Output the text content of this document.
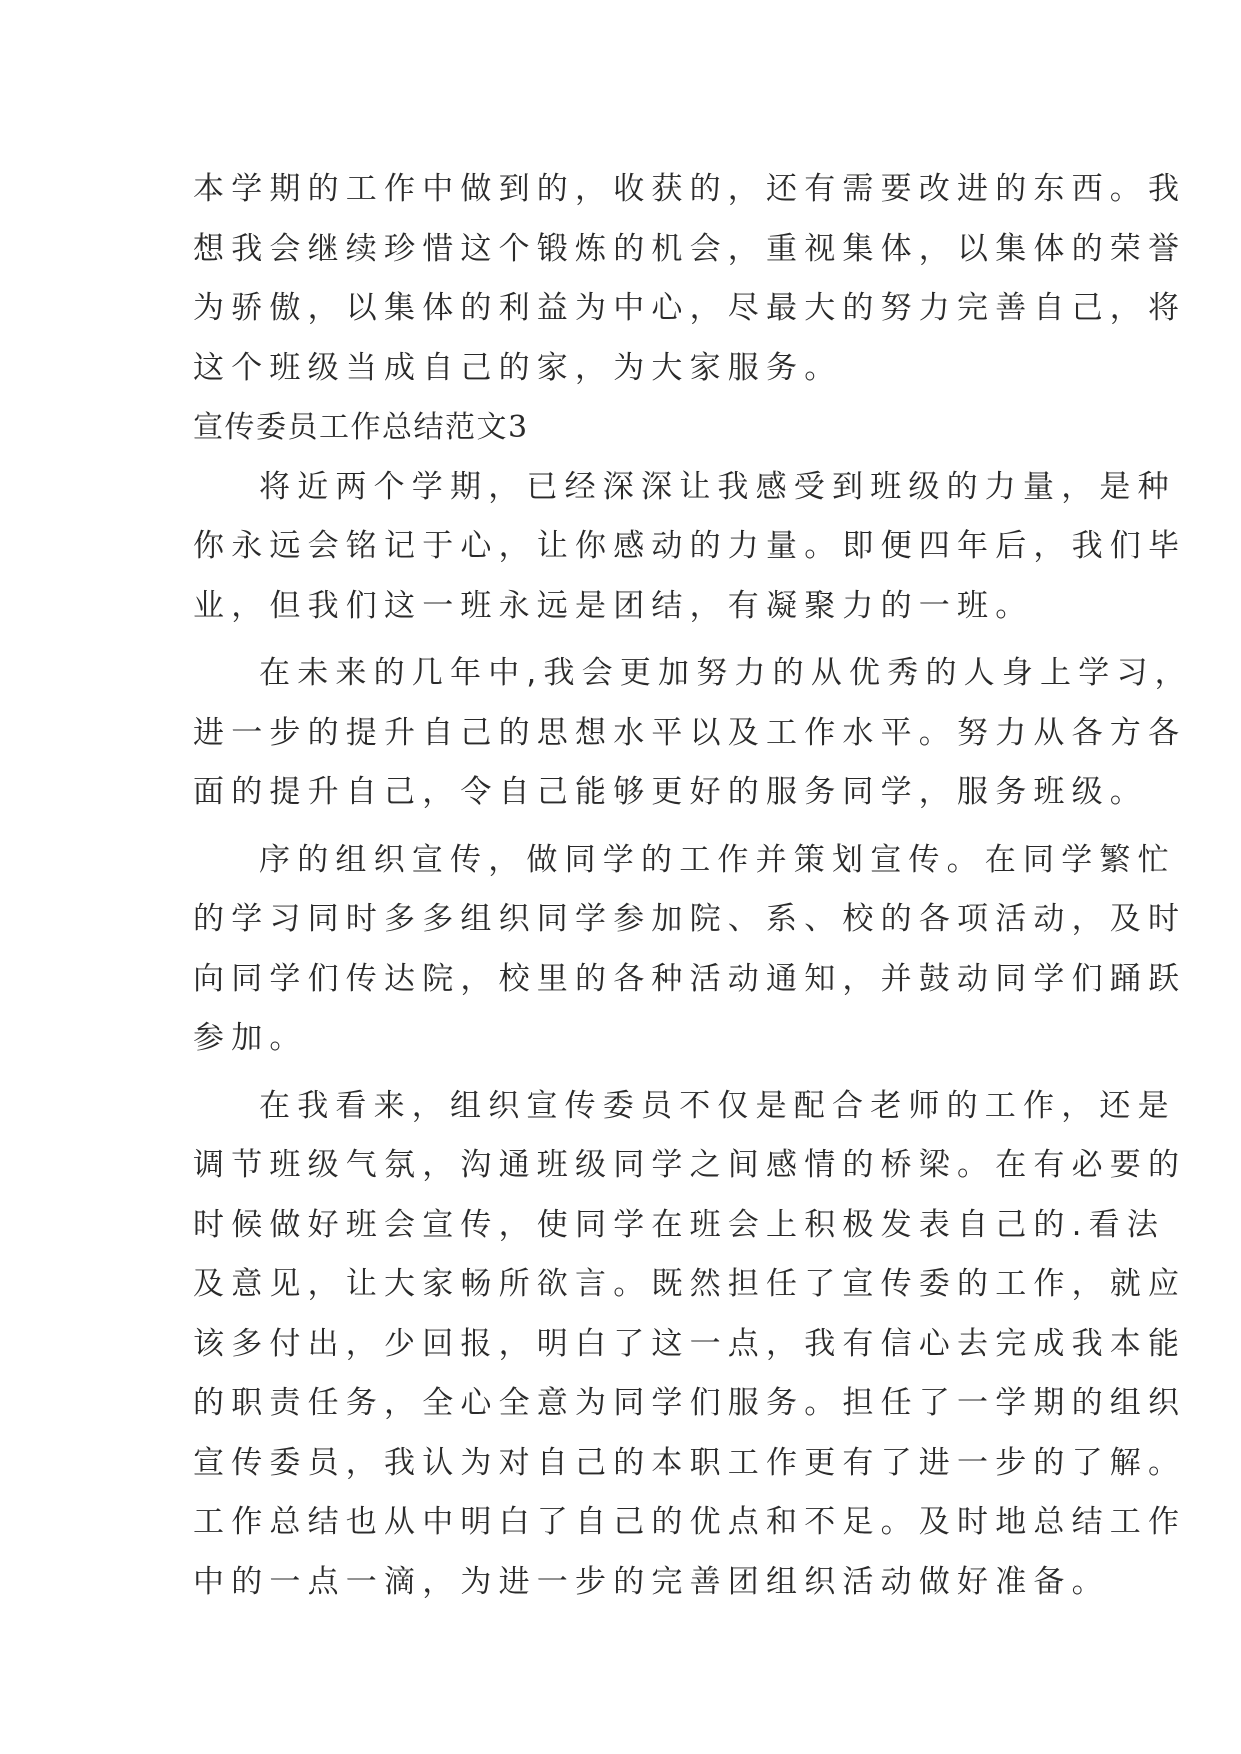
本学期的工作中做到的，收获的，还有需要改进的东西。我
想我会继续珍惜这个锻炼的机会，重视集体，以集体的荣誉
为骄傲，以集体的利益为中心，尽最大的努力完善自己，将
这个班级当成自己的家，为大家服务。
宣传委员工作总结范文3
将近两个学期，已经深深让我感受到班级的力量，是种
你永远会铭记于心，让你感动的力量。即便四年后，我们毕
业，但我们这一班永远是团结，有凝聚力的一班。
在未来的几年中,我会更加努力的从优秀的人身上学习，
进一步的提升自己的思想水平以及工作水平。努力从各方各
面的提升自己，令自己能够更好的服务同学，服务班级。
序的组织宣传，做同学的工作并策划宣传。在同学繁忙
的学习同时多多组织同学参加院、系、校的各项活动，及时
向同学们传达院，校里的各种活动通知，并鼓动同学们踊跃
参加。
在我看来，组织宣传委员不仅是配合老师的工作，还是
调节班级气氛，沟通班级同学之间感情的桥梁。在有必要的
时候做好班会宣传，使同学在班会上积极发表自己的.看法
及意见，让大家畅所欲言。既然担任了宣传委的工作，就应
该多付出，少回报，明白了这一点，我有信心去完成我本能
的职责任务，全心全意为同学们服务。担任了一学期的组织
宣传委员，我认为对自己的本职工作更有了进一步的了解。
工作总结也从中明白了自己的优点和不足。及时地总结工作
中的一点一滴，为进一步的完善团组织活动做好准备。
